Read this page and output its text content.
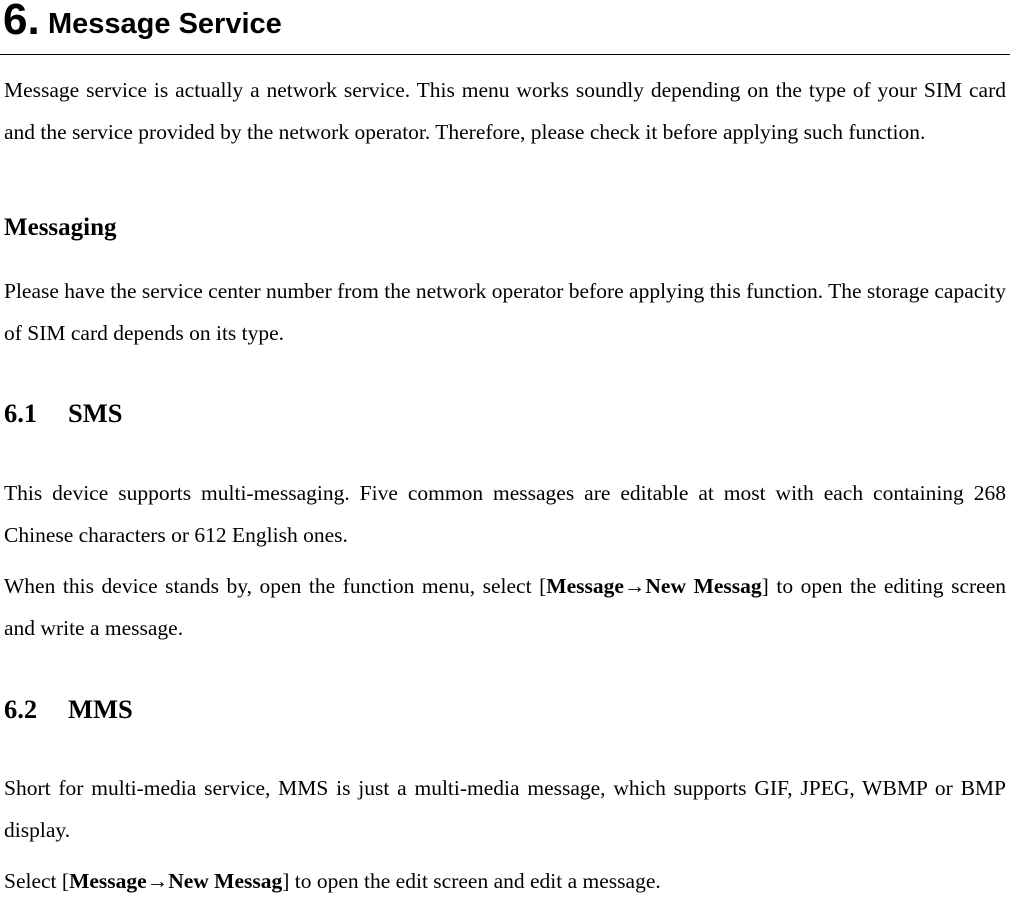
6. Message Service

Message service is actually a network service. This menu works soundly depending on the type of your SIM card and the service provided by the network operator. Therefore, please check it before applying such function.

Messaging

Please have the service center number from the network operator before applying this function. The storage capacity of SIM card depends on its type.

6.1 SMS

This device supports multi-messaging. Five common messages are editable at most with each containing 268 Chinese characters or 612 English ones.

When this device stands by, open the function menu, select [Message→New Messag] to open the editing screen and write a message.

6.2 MMS

Short for multi-media service, MMS is just a multi-media message, which supports GIF, JPEG, WBMP or BMP display.

Select [Message→New Messag] to open the edit screen and edit a message.
